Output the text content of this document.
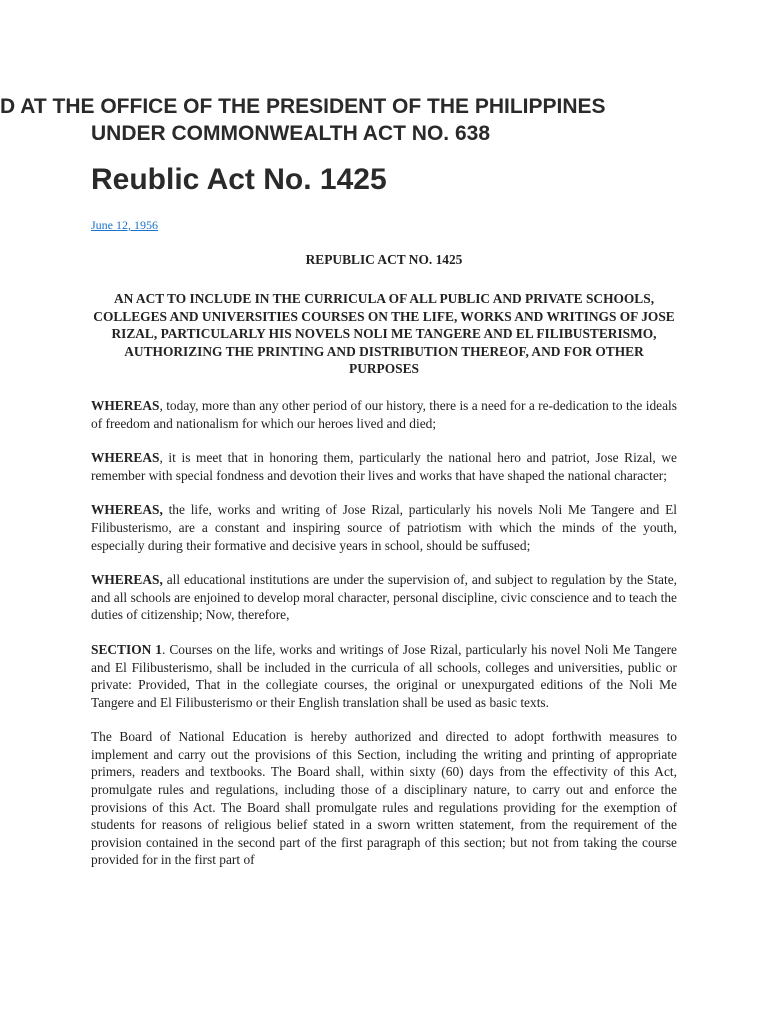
D AT THE OFFICE OF THE PRESIDENT OF THE PHILIPPINES
UNDER COMMONWEALTH ACT NO. 638
Reublic Act No. 1425
June 12, 1956
REPUBLIC ACT NO. 1425
AN ACT TO INCLUDE IN THE CURRICULA OF ALL PUBLIC AND PRIVATE SCHOOLS, COLLEGES AND UNIVERSITIES COURSES ON THE LIFE, WORKS AND WRITINGS OF JOSE RIZAL, PARTICULARLY HIS NOVELS NOLI ME TANGERE AND EL FILIBUSTERISMO, AUTHORIZING THE PRINTING AND DISTRIBUTION THEREOF, AND FOR OTHER PURPOSES

WHEREAS, today, more than any other period of our history, there is a need for a re-dedication to the ideals of freedom and nationalism for which our heroes lived and died;

WHEREAS, it is meet that in honoring them, particularly the national hero and patriot, Jose Rizal, we remember with special fondness and devotion their lives and works that have shaped the national character;

WHEREAS, the life, works and writing of Jose Rizal, particularly his novels Noli Me Tangere and El Filibusterismo, are a constant and inspiring source of patriotism with which the minds of the youth, especially during their formative and decisive years in school, should be suffused;

WHEREAS, all educational institutions are under the supervision of, and subject to regulation by the State, and all schools are enjoined to develop moral character, personal discipline, civic conscience and to teach the duties of citizenship; Now, therefore,

SECTION 1. Courses on the life, works and writings of Jose Rizal, particularly his novel Noli Me Tangere and El Filibusterismo, shall be included in the curricula of all schools, colleges and universities, public or private: Provided, That in the collegiate courses, the original or unexpurgated editions of the Noli Me Tangere and El Filibusterismo or their English translation shall be used as basic texts.

The Board of National Education is hereby authorized and directed to adopt forthwith measures to implement and carry out the provisions of this Section, including the writing and printing of appropriate primers, readers and textbooks. The Board shall, within sixty (60) days from the effectivity of this Act, promulgate rules and regulations, including those of a disciplinary nature, to carry out and enforce the provisions of this Act. The Board shall promulgate rules and regulations providing for the exemption of students for reasons of religious belief stated in a sworn written statement, from the requirement of the provision contained in the second part of the first paragraph of this section; but not from taking the course provided for in the first part of
